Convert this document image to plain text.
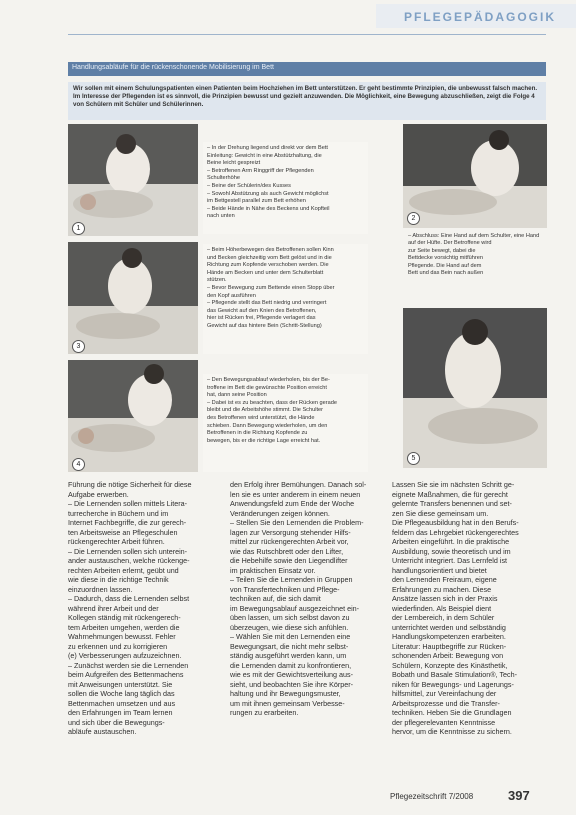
PFLEGEPÄDAGOGIK
Handlungsabläufe für die rückenschonende Mobilisierung im Bett
Wir sollen mit einem Schulungspatienten einen Patienten beim Hochziehen im Bett unterstützen. Er geht bestimmte Prinzipien, die unbewusst falsch machen. Im Interesse der Pflegenden ist es sinnvoll, die Prinzipien bewusst und gezielt anzuwenden. Die Möglichkeit, eine Bewegung abzuschließen, zeigt die Folge 4 von Schülern mit Schüler und Schülerinnen.
1
– In der Drehung liegend und direkt vor dem Bett
Einleitung: Gewicht in eine Abstützhaltung, die
Beine leicht gespreizt
– Betroffenen Arm Ringgriff der Pflegenden
Schulterhöhe
– Beine der Schülerin/des Kusses
– Sowohl Abstützung als auch Gewicht möglichst
im Bettgestell parallel zum Bett erhöhen
– Beide Hände in Nähe des Beckens und Kopfteil
nach unten	2
– Abschluss: Eine Hand auf dem Schulter, eine Hand
auf der Hüfte. Der Betroffene wird
zur Seite bewegt, dabei die
Bettdecke vorsichtig mitführen
Pflegende. Die Hand auf dem
Bett und das Bein nach außen
3
– Beim Höherbewegen des Betroffenen sollen Kinn
und Becken gleichzeitig vom Bett gelöst und in die
Richtung zum Kopfende verschoben werden. Die
Hände am Becken und unter dem Schulterblatt
stützen.
– Bevor Bewegung zum Bettende einen Stopp über
den Kopf ausführen
– Pflegende stellt das Bett niedrig und verringert
das Gewicht auf den Knien des Betroffenen,
hier ist Rücken frei, Pflegende verlagert das
Gewicht auf das hintere Bein (Schritt-Stellung)
4
– Den Bewegungsablauf wiederholen, bis der Be-
troffene im Bett die gewünschte Position erreicht
hat, dann seine Position
– Dabei ist es zu beachten, dass der Rücken gerade
bleibt und die Arbeitshöhe stimmt. Die Schulter
des Betroffenen wird unterstützt, die Hände
schieben. Dann Bewegung wiederholen, um den
Betroffenen in die Richtung Kopfende zu
bewegen, bis er die richtige Lage erreicht hat.
5

Führung die nötige Sicherheit für diese

Aufgabe erwerben.

– Die Lernenden sollen mittels Litera-

turrecherche in Büchern und im

Internet Fachbegriffe, die zur gerech-

ten Arbeitsweise an Pflegeschulen

rückengerechter Arbeit führen.

– Die Lernenden sollen sich unterein-

ander austauschen, welche rückenge-

rechten Arbeiten erlernt, geübt und

wie diese in die richtige Technik

einzuordnen lassen.

– Dadurch, dass die Lernenden selbst

während ihrer Arbeit und der

Kollegen ständig mit rückengerech-

tem Arbeiten umgehen, werden die

Wahrnehmungen bewusst. Fehler

zu erkennen und zu korrigieren

(e) Verbesserungen aufzuzeichnen.

– Zunächst werden sie die Lernenden

beim Aufgreifen des Bettenmachens

mit Anweisungen unterstützt. Sie

sollen die Woche lang täglich das

Bettenmachen umsetzen und aus

den Erfahrungen im Team lernen

und sich über die Bewegungs-

abläufe austauschen.

den Erfolg ihrer Bemühungen. Danach sol-

len sie es unter anderem in einem neuen

Anwendungsfeld zum Ende der Woche

Veränderungen zeigen können.

– Stellen Sie den Lernenden die Problem-

lagen zur Versorgung stehender Hilfs-

mittel zur rückengerechten Arbeit vor,

wie das Rutschbrett oder den Lifter,

die Hebehilfe sowie den Liegendlifter

im praktischen Einsatz vor.

– Teilen Sie die Lernenden in Gruppen

von Transfertechniken und Pflege-

techniken auf, die sich damit

im Bewegungsablauf ausgezeichnet ein-

üben lassen, um sich selbst davon zu

überzeugen, wie diese sich anfühlen.

– Wählen Sie mit den Lernenden eine

Bewegungsart, die nicht mehr selbst-

ständig ausgeführt werden kann, um

die Lernenden damit zu konfrontieren,

wie es mit der Gewichtsverteilung aus-

sieht, und beobachten Sie ihre Körper-

haltung und ihr Bewegungsmuster,

um mit ihnen gemeinsam Verbesse-

rungen zu erarbeiten.

Lassen Sie sie im nächsten Schritt ge-

eignete Maßnahmen, die für gerecht

gelernte Transfers benennen und set-

zen Sie diese gemeinsam um.

Die Pflegeausbildung hat in den Berufs-

feldern das Lehrgebiet rückengerechtes

Arbeiten eingeführt. In die praktische

Ausbildung, sowie theoretisch und im

Unterricht integriert. Das Lernfeld ist

handlungsorientiert und bietet

den Lernenden Freiraum, eigene

Erfahrungen zu machen. Diese

Ansätze lassen sich in der Praxis

wiederfinden. Als Beispiel dient

der Lernbereich, in dem Schüler

unterrichtet werden und selbständig

Handlungskompetenzen erarbeiten.

Literatur: Hauptbegriffe zur Rücken-

schonenden Arbeit: Bewegung von

Schülern, Konzepte des Kinästhetik,

Bobath und Basale Stimulation®, Tech-

niken für Bewegungs- und Lagerungs-

hilfsmittel, zur Vereinfachung der

Arbeitsprozesse und die Transfer-

techniken. Heben Sie die Grundlagen

der pflegerelevanten Kenntnisse

hervor, um die Kenntnisse zu sichern.

Pflegezeitschrift 7/2008	397
